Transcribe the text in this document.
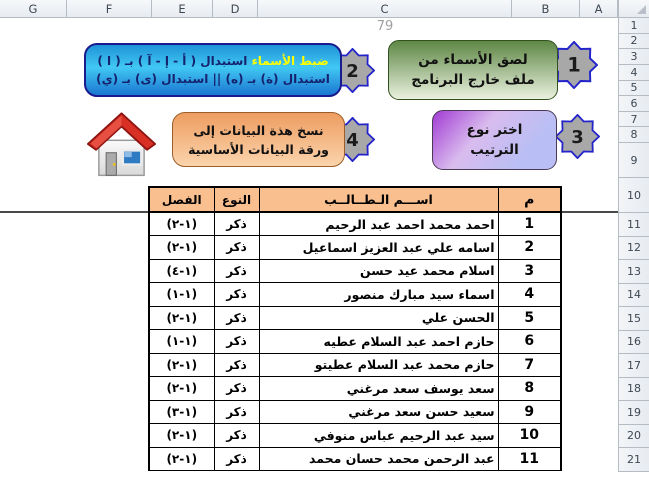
G	F	E	D	C	B	A
1
2
3
4
5
6
7
8
9
10
11
12
13
14
15
16
17
18
19
20
21
79
1
2
3
4
لصق الأسماء من
ملف خارج البرنامج
ضبط الأسماء استبدال ( أ - إ - آ ) بـ ( ا )
استبدال (ة) بـ (ه) || استبدال (ى) بـ (ي)
اختر نوع
الترتيب
نسخ هذة البيانات إلى
ورقة البيانات الأساسية
م	اســـم الـطــالــب	النوع	الفصل
1	احمد محمد احمد عبد الرحيم	ذكر	(١-٢)
2	اسامه علي عبد العزيز اسماعيل	ذكر	(١-٢)
3	اسلام محمد عيد حسن	ذكر	(١-٤)
4	اسماء سيد مبارك منصور	ذكر	(١-١)
5	الحسن علي	ذكر	(١-٢)
6	حازم احمد عبد السلام عطيه	ذكر	(١-١)
7	حازم محمد عبد السلام عطيتو	ذكر	(١-٢)
8	سعد يوسف سعد مرغني	ذكر	(١-٢)
9	سعيد حسن سعد مرغني	ذكر	(١-٣)
10	سيد عبد الرحيم عباس منوفي	ذكر	(١-٢)
11	عبد الرحمن محمد حسان محمد	ذكر	(١-٢)
